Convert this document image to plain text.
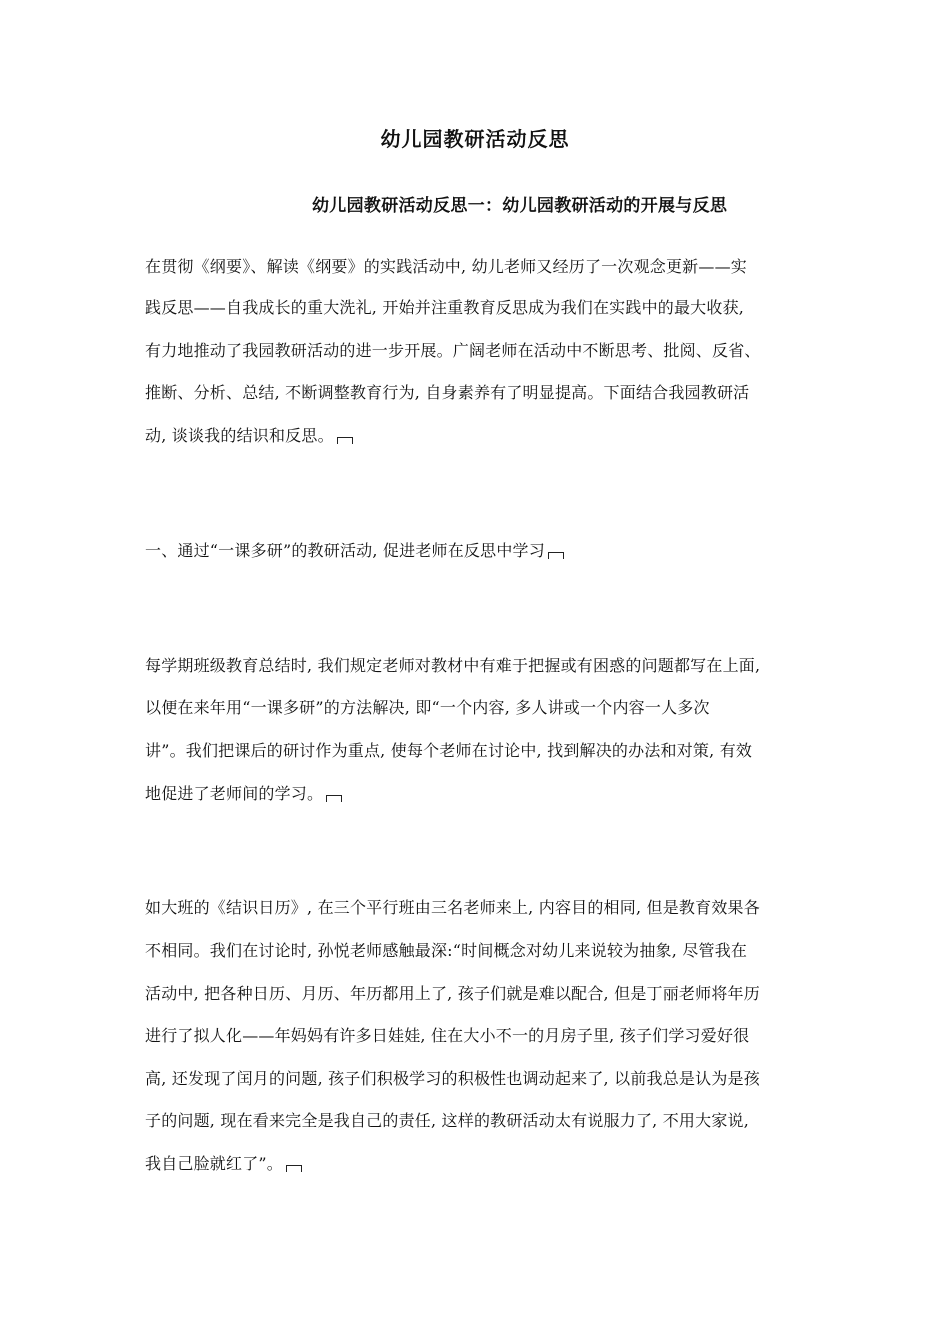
幼儿园教研活动反思
幼儿园教研活动反思一：幼儿园教研活动的开展与反思
在贯彻《纲要》、解读《纲要》的实践活动中, 幼儿老师又经历了一次观念更新——实
践反思——自我成长的重大洗礼, 开始并注重教育反思成为我们在实践中的最大收获,
有力地推动了我园教研活动的进一步开展。广阔老师在活动中不断思考、批阅、反省、
推断、分析、总结, 不断调整教育行为, 自身素养有了明显提高。下面结合我园教研活
动, 谈谈我的结识和反思。
一、通过“一课多研”的教研活动, 促进老师在反思中学习
每学期班级教育总结时, 我们规定老师对教材中有难于把握或有困惑的问题都写在上面,
以便在来年用“一课多研”的方法解决, 即“一个内容, 多人讲或一个内容一人多次
讲”。我们把课后的研讨作为重点, 使每个老师在讨论中, 找到解决的办法和对策, 有效
地促进了老师间的学习。
如大班的《结识日历》, 在三个平行班由三名老师来上, 内容目的相同, 但是教育效果各
不相同。我们在讨论时, 孙悦老师感触最深:“时间概念对幼儿来说较为抽象, 尽管我在
活动中, 把各种日历、月历、年历都用上了, 孩子们就是难以配合, 但是丁丽老师将年历
进行了拟人化——年妈妈有许多日娃娃, 住在大小不一的月房子里, 孩子们学习爱好很
高, 还发现了闰月的问题, 孩子们积极学习的积极性也调动起来了, 以前我总是认为是孩
子的问题, 现在看来完全是我自己的责任, 这样的教研活动太有说服力了, 不用大家说,
我自己脸就红了”。
